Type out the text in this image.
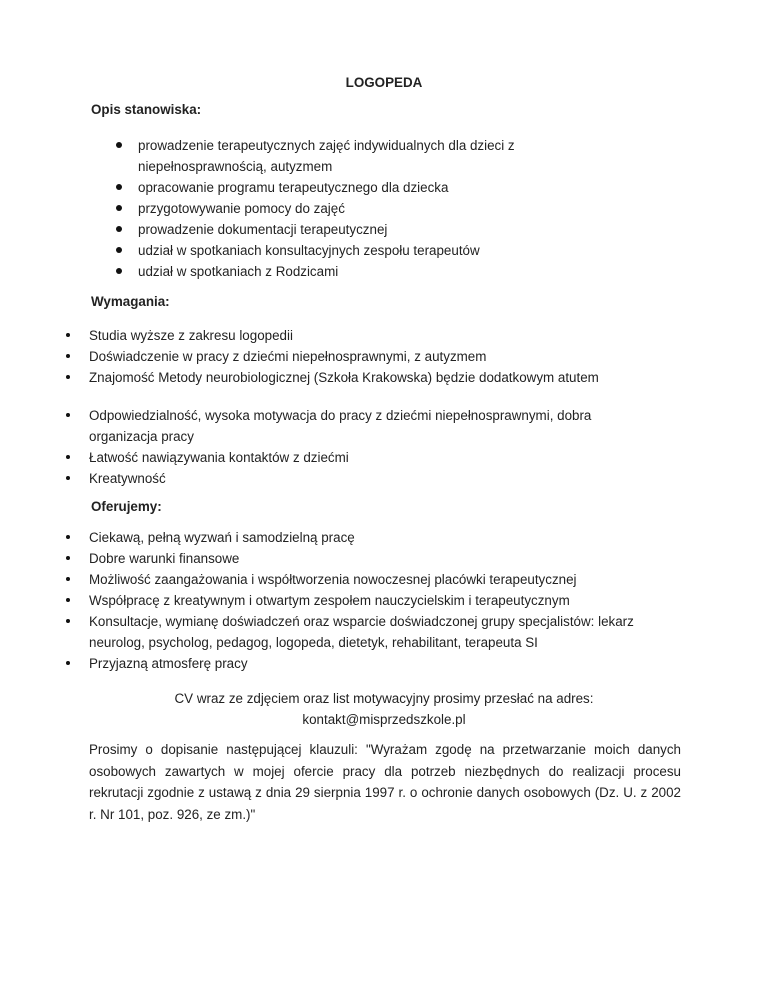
LOGOPEDA
Opis stanowiska:
prowadzenie terapeutycznych zajęć indywidualnych dla dzieci z niepełnosprawnością, autyzmem
opracowanie programu terapeutycznego dla dziecka
przygotowywanie pomocy do zajęć
prowadzenie dokumentacji terapeutycznej
udział w spotkaniach konsultacyjnych zespołu terapeutów
udział w spotkaniach z Rodzicami
Wymagania:
Studia wyższe z zakresu logopedii
Doświadczenie w pracy z dziećmi niepełnosprawnymi, z autyzmem
Znajomość Metody neurobiologicznej (Szkoła Krakowska) będzie dodatkowym atutem
Odpowiedzialność, wysoka motywacja do pracy z dziećmi niepełnosprawnymi, dobra organizacja pracy
Łatwość nawiązywania kontaktów z dziećmi
Kreatywność
Oferujemy:
Ciekawą, pełną wyzwań i samodzielną pracę
Dobre warunki finansowe
Możliwość zaangażowania i współtworzenia nowoczesnej placówki terapeutycznej
Współpracę z kreatywnym i otwartym zespołem nauczycielskim i terapeutycznym
Konsultacje, wymianę doświadczeń oraz wsparcie doświadczonej grupy specjalistów: lekarz neurolog, psycholog, pedagog, logopeda, dietetyk, rehabilitant, terapeuta SI
Przyjazną atmosferę pracy
CV wraz ze zdjęciem oraz list motywacyjny prosimy przesłać na adres:
kontakt@misprzedszkole.pl
Prosimy o dopisanie następującej klauzuli: "Wyrażam zgodę na przetwarzanie moich danych osobowych zawartych w mojej ofercie pracy dla potrzeb niezbędnych do realizacji procesu rekrutacji zgodnie z ustawą z dnia 29 sierpnia 1997 r. o ochronie danych osobowych (Dz. U. z 2002 r. Nr 101, poz. 926, ze zm.)"
